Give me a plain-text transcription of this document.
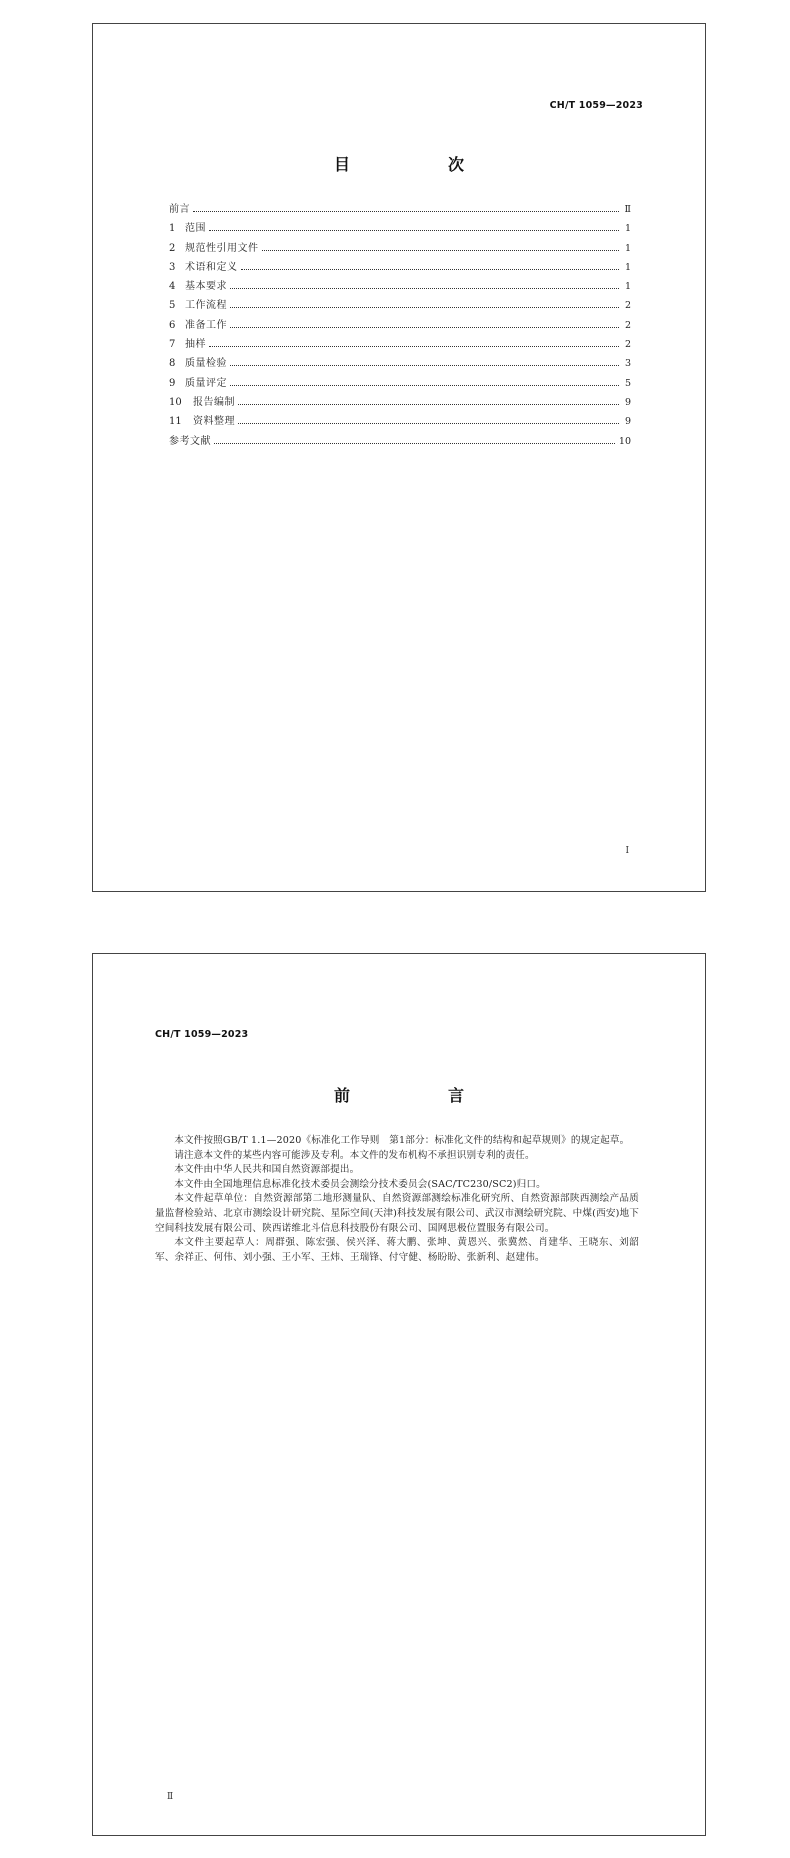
CH/T 1059—2023
目　　次
前言	Ⅱ
1 范围	1
2 规范性引用文件	1
3 术语和定义	1
4 基本要求	1
5 工作流程	2
6 准备工作	2
7 抽样	2
8 质量检验	3
9 质量评定	5
10	报告编制	9
11	资料整理	9
参考文献	10
Ⅰ
CH/T 1059—2023
前　　言

本文件按照GB/T 1.1—2020《标准化工作导则　第1部分：标准化文件的结构和起草规则》的规定起草。

请注意本文件的某些内容可能涉及专利。本文件的发布机构不承担识别专利的责任。

本文件由中华人民共和国自然资源部提出。

本文件由全国地理信息标准化技术委员会测绘分技术委员会(SAC/TC230/SC2)归口。

本文件起草单位：自然资源部第二地形测量队、自然资源部测绘标准化研究所、自然资源部陕西测绘产品质量监督检验站、北京市测绘设计研究院、星际空间(天津)科技发展有限公司、武汉市测绘研究院、中煤(西安)地下空间科技发展有限公司、陕西诺维北斗信息科技股份有限公司、国网思极位置服务有限公司。

本文件主要起草人：周群强、陈宏强、侯兴泽、蒋大鹏、张坤、黄恩兴、张冀然、肖建华、王晓东、刘韶军、余祥正、何伟、刘小强、王小军、王炜、王瑞锋、付守健、杨盼盼、张新利、赵建伟。

Ⅱ
